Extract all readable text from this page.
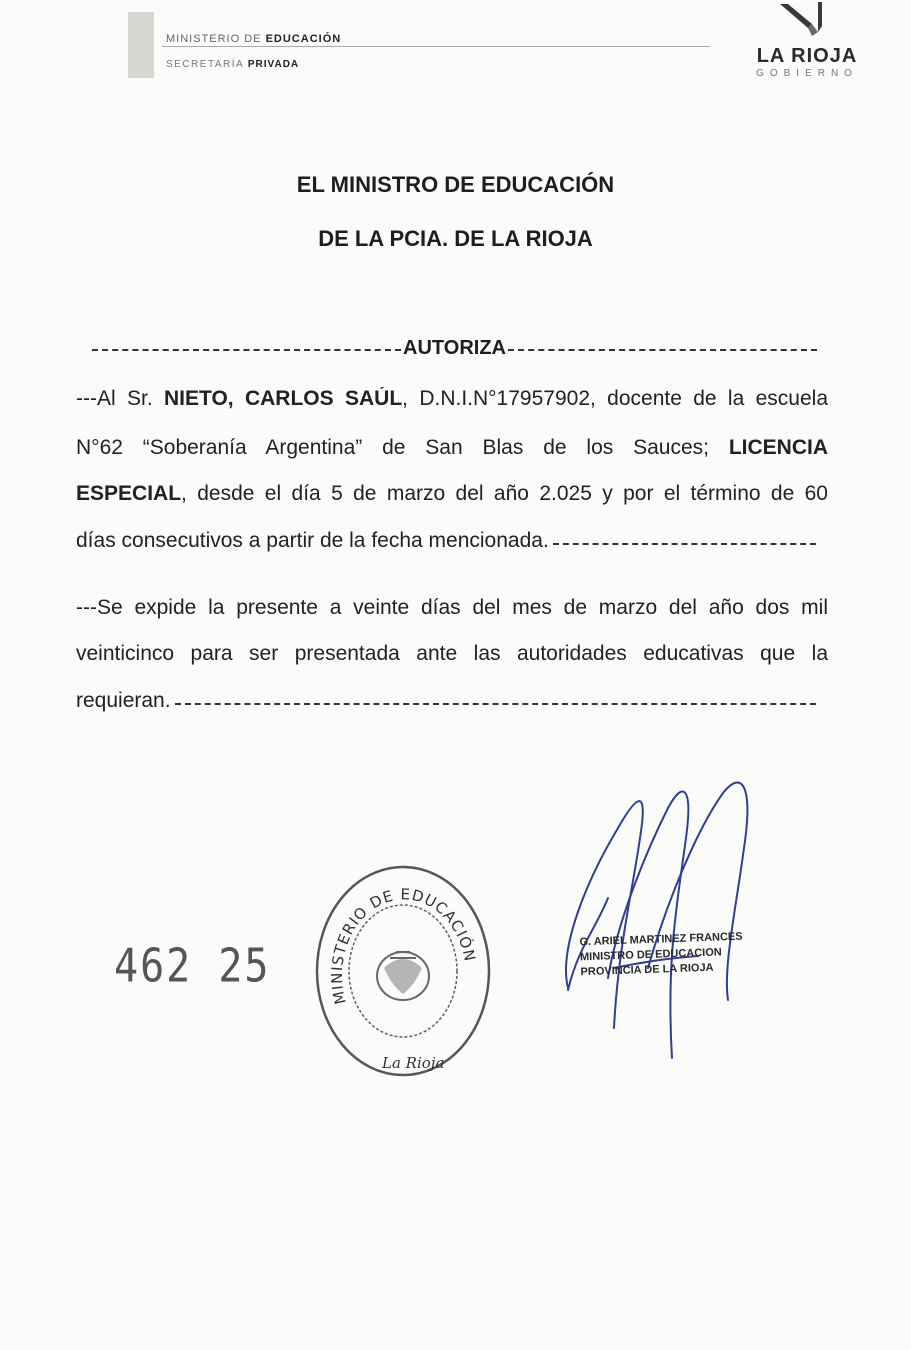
MINISTERIO DE EDUCACIÓN
SECRETARÍA PRIVADA	LA RIOJA
GOBIERNO
EL MINISTRO DE EDUCACIÓN
DE LA PCIA. DE LA RIOJA
AUTORIZA
---Al Sr. NIETO, CARLOS SAÚL, D.N.I.N°17957902, docente de la escuela
N°62 “Soberanía Argentina” de San Blas de los Sauces; LICENCIA
ESPECIAL, desde el día 5 de marzo del año 2.025 y por el término de 60
días consecutivos a partir de la fecha mencionada.
---Se expide la presente a veinte días del mes de marzo del año dos mil
veinticinco para ser presentada ante las autoridades educativas que la
requieran.
462 25
MINISTERIO DE EDUCACIÓN
La Rioja
G. ARIEL MARTINEZ FRANCES
MINISTRO DE EDUCACION
PROVINCIA DE LA RIOJA
